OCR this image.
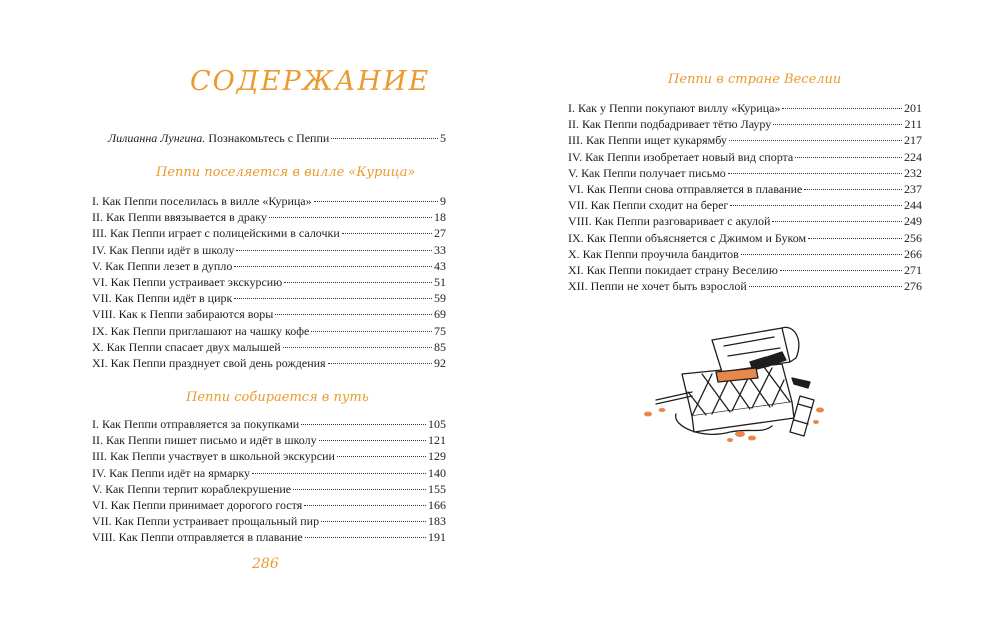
СОДЕРЖАНИЕ
Лилианна Лунгина. Познакомьтесь с Пеппи	5
Пеппи поселяется в вилле «Курица»
I. Как Пеппи поселилась в вилле «Курица»	9
II. Как Пеппи ввязывается в драку	18
III. Как Пеппи играет с полицейскими в салочки	27
IV. Как Пеппи идёт в школу	33
V. Как Пеппи лезет в дупло	43
VI. Как Пеппи устраивает экскурсию	51
VII. Как Пеппи идёт в цирк	59
VIII. Как к Пеппи забираются воры	69
IX. Как Пеппи приглашают на чашку кофе	75
X. Как Пеппи спасает двух малышей	85
XI. Как Пеппи празднует свой день рождения	92
Пеппи собирается в путь
I. Как Пеппи отправляется за покупками	105
II. Как Пеппи пишет письмо и идёт в школу	121
III. Как Пеппи участвует в школьной экскурсии	129
IV. Как Пеппи идёт на ярмарку	140
V. Как Пеппи терпит кораблекрушение	155
VI. Как Пеппи принимает дорогого гостя	166
VII. Как Пеппи устраивает прощальный пир	183
VIII. Как Пеппи отправляется в плавание	191
286
Пеппи в стране Веселии
I. Как у Пеппи покупают виллу «Курица»	201
II. Как Пеппи подбадривает тётю Лауру	211
III. Как Пеппи ищет кукарямбу	217
IV. Как Пеппи изобретает новый вид спорта	224
V. Как Пеппи получает письмо	232
VI. Как Пеппи снова отправляется в плавание	237
VII. Как Пеппи сходит на берег	244
VIII. Как Пеппи разговаривает с акулой	249
IX. Как Пеппи объясняется с Джимом и Буком	256
X. Как Пеппи проучила бандитов	266
XI. Как Пеппи покидает страну Веселию	271
XII. Пеппи не хочет быть взрослой	276
